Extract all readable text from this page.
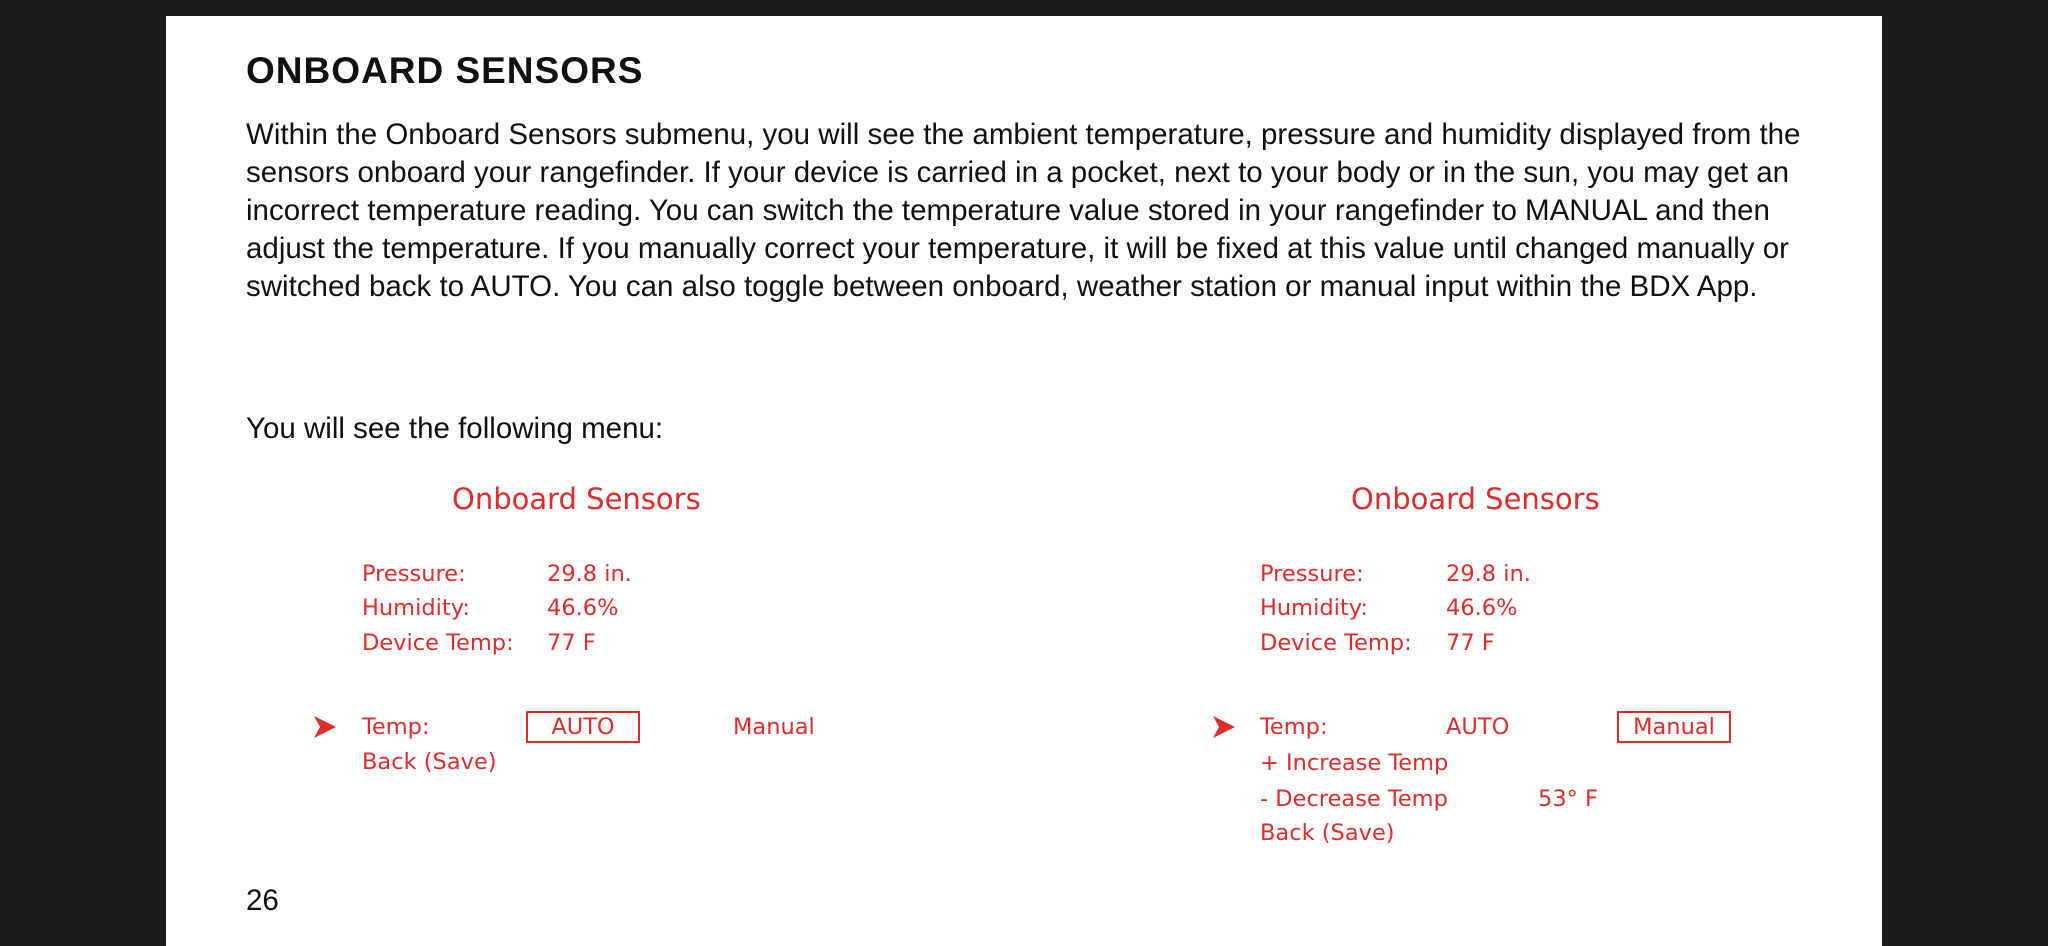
ONBOARD SENSORS

Within the Onboard Sensors submenu, you will see the ambient temperature, pressure and humidity displayed from the sensors onboard your rangefinder. If your device is carried in a pocket, next to your body or in the sun, you may get an incorrect temperature reading. You can switch the temperature value stored in your rangefinder to MANUAL and then adjust the temperature. If you manually correct your temperature, it will be fixed at this value until changed manually or switched back to AUTO. You can also toggle between onboard, weather station or manual input within the BDX App.

You will see the following menu:

Onboard Sensors
Pressure:	29.8 in.
Humidity:	46.6%
Device Temp: 77 F
Temp:	AUTO	Manual
Back (Save)
Onboard Sensors
Pressure:	29.8 in.
Humidity:	46.6%
Device Temp: 77 F
Temp:	AUTO	Manual
+ Increase Temp
- Decrease Temp	53° F
Back (Save)
26
